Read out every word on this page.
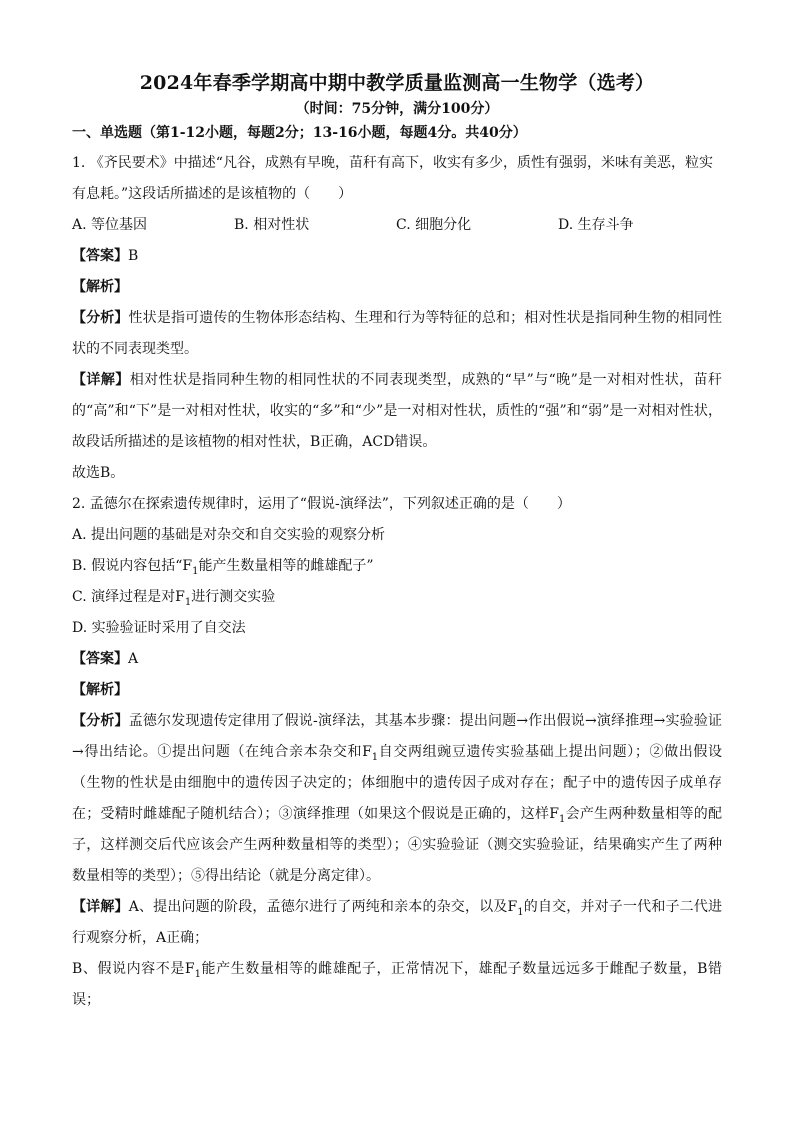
2024年春季学期高中期中教学质量监测高一生物学（选考）
（时间：75分钟，满分100分）
一、单选题（第1-12小题，每题2分；13-16小题，每题4分。共40分）

1. 《齐民要术》中描述“凡谷，成熟有早晚，苗秆有高下，收实有多少，质性有强弱，米味有美恶，粒实

有息耗。”这段话所描述的是该植物的（　　）

A. 等位基因	B. 相对性状	C. 细胞分化	D. 生存斗争

【答案】B

【解析】

【分析】性状是指可遗传的生物体形态结构、生理和行为等特征的总和；相对性状是指同种生物的相同性状的不同表现类型。

【详解】相对性状是指同种生物的相同性状的不同表现类型，成熟的“早”与“晚”是一对相对性状，苗秆的“高”和“下”是一对相对性状，收实的“多”和“少”是一对相对性状，质性的“强”和“弱”是一对相对性状，故段话所描述的是该植物的相对性状，B正确，ACD错误。

故选B。

2. 孟德尔在探索遗传规律时，运用了“假说-演绎法”，下列叙述正确的是（　　）

A. 提出问题的基础是对杂交和自交实验的观察分析

B. 假说内容包括“$F_1$能产生数量相等的雌雄配子”

C. 演绎过程是对$F_1$进行测交实验

D. 实验验证时采用了自交法

【答案】A

【解析】

【分析】孟德尔发现遗传定律用了假说-演绎法，其基本步骤：提出问题→作出假说→演绎推理→实验验证→得出结论。①提出问题（在纯合亲本杂交和$F_1$自交两组豌豆遗传实验基础上提出问题）；②做出假设（生物的性状是由细胞中的遗传因子决定的；体细胞中的遗传因子成对存在；配子中的遗传因子成单存在；受精时雌雄配子随机结合）；③演绎推理（如果这个假说是正确的，这样$F_1$会产生两种数量相等的配子，这样测交后代应该会产生两种数量相等的类型）；④实验验证（测交实验验证，结果确实产生了两种数量相等的类型）；⑤得出结论（就是分离定律）。

【详解】A、提出问题的阶段，孟德尔进行了两纯和亲本的杂交，以及$F_1$的自交，并对子一代和子二代进行观察分析，A正确；

B、假说内容不是$F_1$能产生数量相等的雌雄配子，正常情况下，雄配子数量远远多于雌配子数量，B错误；
